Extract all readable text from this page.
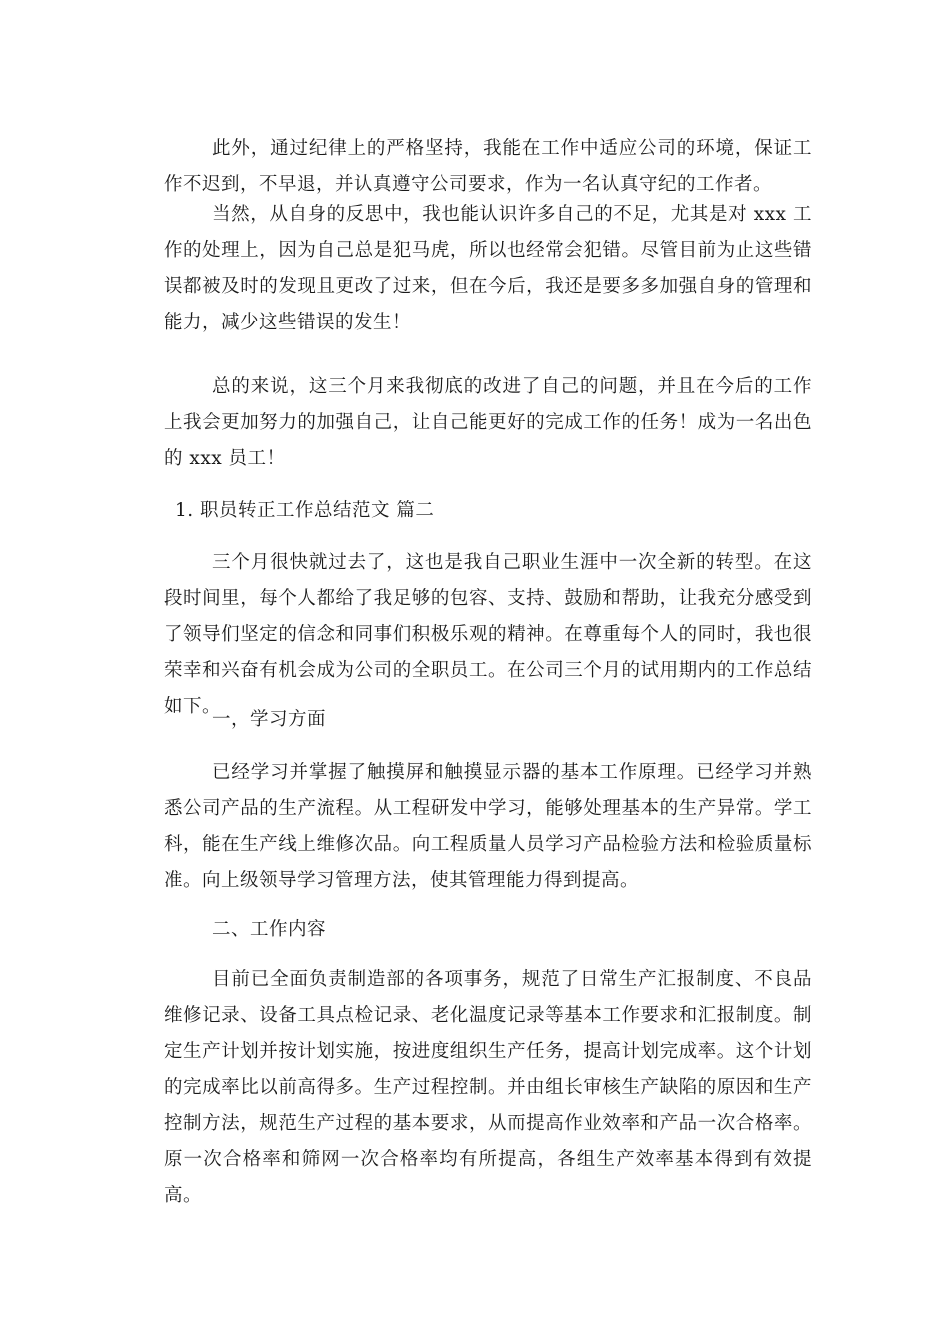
此外，通过纪律上的严格坚持，我能在工作中适应公司的环境，保证工作不迟到，不早退，并认真遵守公司要求，作为一名认真守纪的工作者。

当然，从自身的反思中，我也能认识许多自己的不足，尤其是对 xxx 工作的处理上，因为自己总是犯马虎，所以也经常会犯错。尽管目前为止这些错误都被及时的发现且更改了过来，但在今后，我还是要多多加强自身的管理和能力，减少这些错误的发生！

总的来说，这三个月来我彻底的改进了自己的问题，并且在今后的工作上我会更加努力的加强自己，让自己能更好的完成工作的任务！成为一名出色的 xxx 员工！

1. 职员转正工作总结范文 篇二

三个月很快就过去了，这也是我自己职业生涯中一次全新的转型。在这段时间里，每个人都给了我足够的包容、支持、鼓励和帮助，让我充分感受到了领导们坚定的信念和同事们积极乐观的精神。在尊重每个人的同时，我也很荣幸和兴奋有机会成为公司的全职员工。在公司三个月的试用期内的工作总结如下。

一，学习方面

已经学习并掌握了触摸屏和触摸显示器的基本工作原理。已经学习并熟悉公司产品的生产流程。从工程研发中学习，能够处理基本的生产异常。学工科，能在生产线上维修次品。向工程质量人员学习产品检验方法和检验质量标准。向上级领导学习管理方法，使其管理能力得到提高。

二、工作内容

目前已全面负责制造部的各项事务，规范了日常生产汇报制度、不良品维修记录、设备工具点检记录、老化温度记录等基本工作要求和汇报制度。制定生产计划并按计划实施，按进度组织生产任务，提高计划完成率。这个计划的完成率比以前高得多。生产过程控制。并由组长审核生产缺陷的原因和生产控制方法，规范生产过程的基本要求，从而提高作业效率和产品一次合格率。原一次合格率和筛网一次合格率均有所提高，各组生产效率基本得到有效提高。
